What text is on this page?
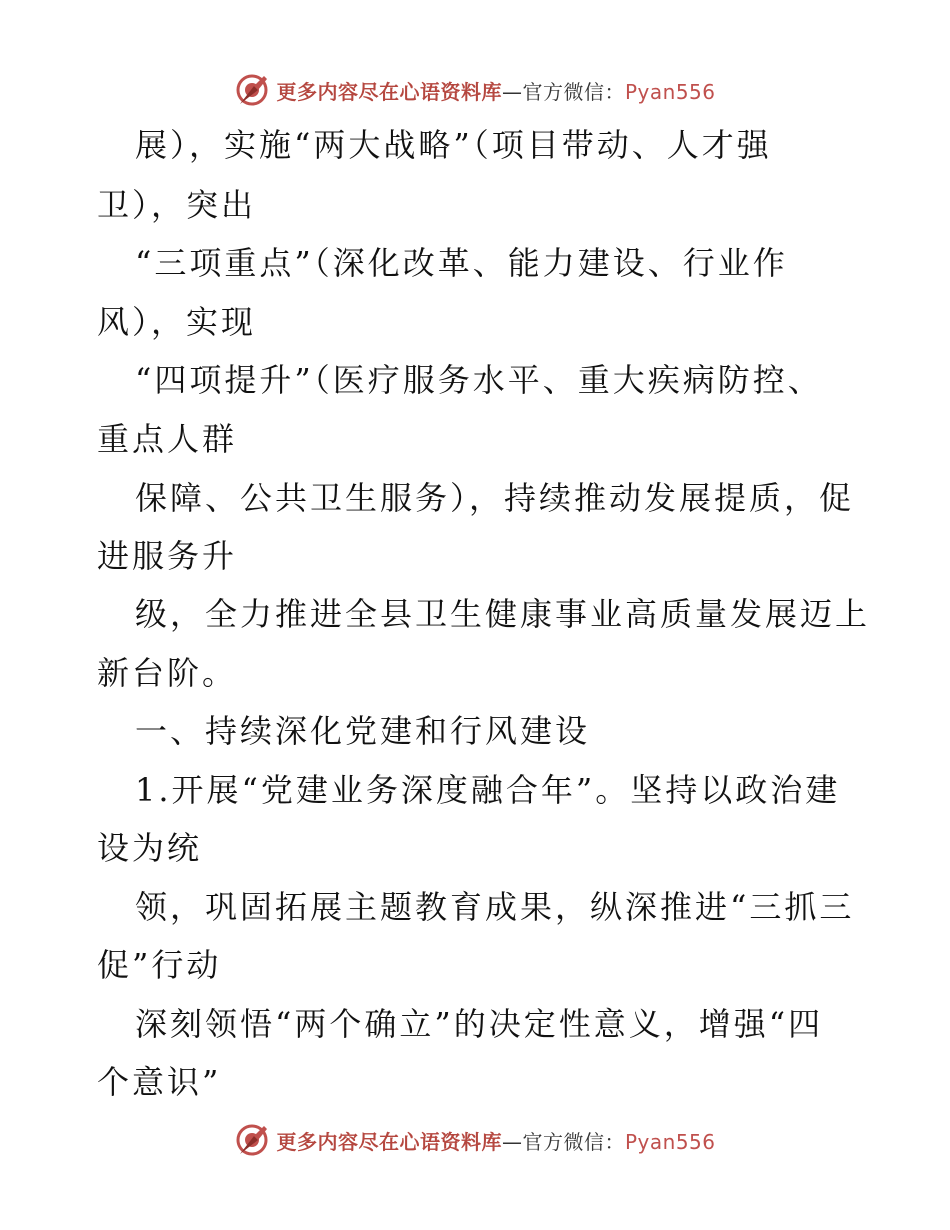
更多内容尽在心语资料库—官方微信：Pyan556
展），实施“两大战略”（项目带动、人才强
卫），突出
“三项重点”（深化改革、能力建设、行业作
风），实现
“四项提升”（医疗服务水平、重大疾病防控、
重点人群
保障、公共卫生服务），持续推动发展提质，促
进服务升
级，全力推进全县卫生健康事业高质量发展迈上
新台阶。
一、持续深化党建和行风建设
1.开展“党建业务深度融合年”。坚持以政治建
设为统
领，巩固拓展主题教育成果，纵深推进“三抓三
促”行动
深刻领悟“两个确立”的决定性意义，增强“四
个意识”
更多内容尽在心语资料库—官方微信：Pyan556
